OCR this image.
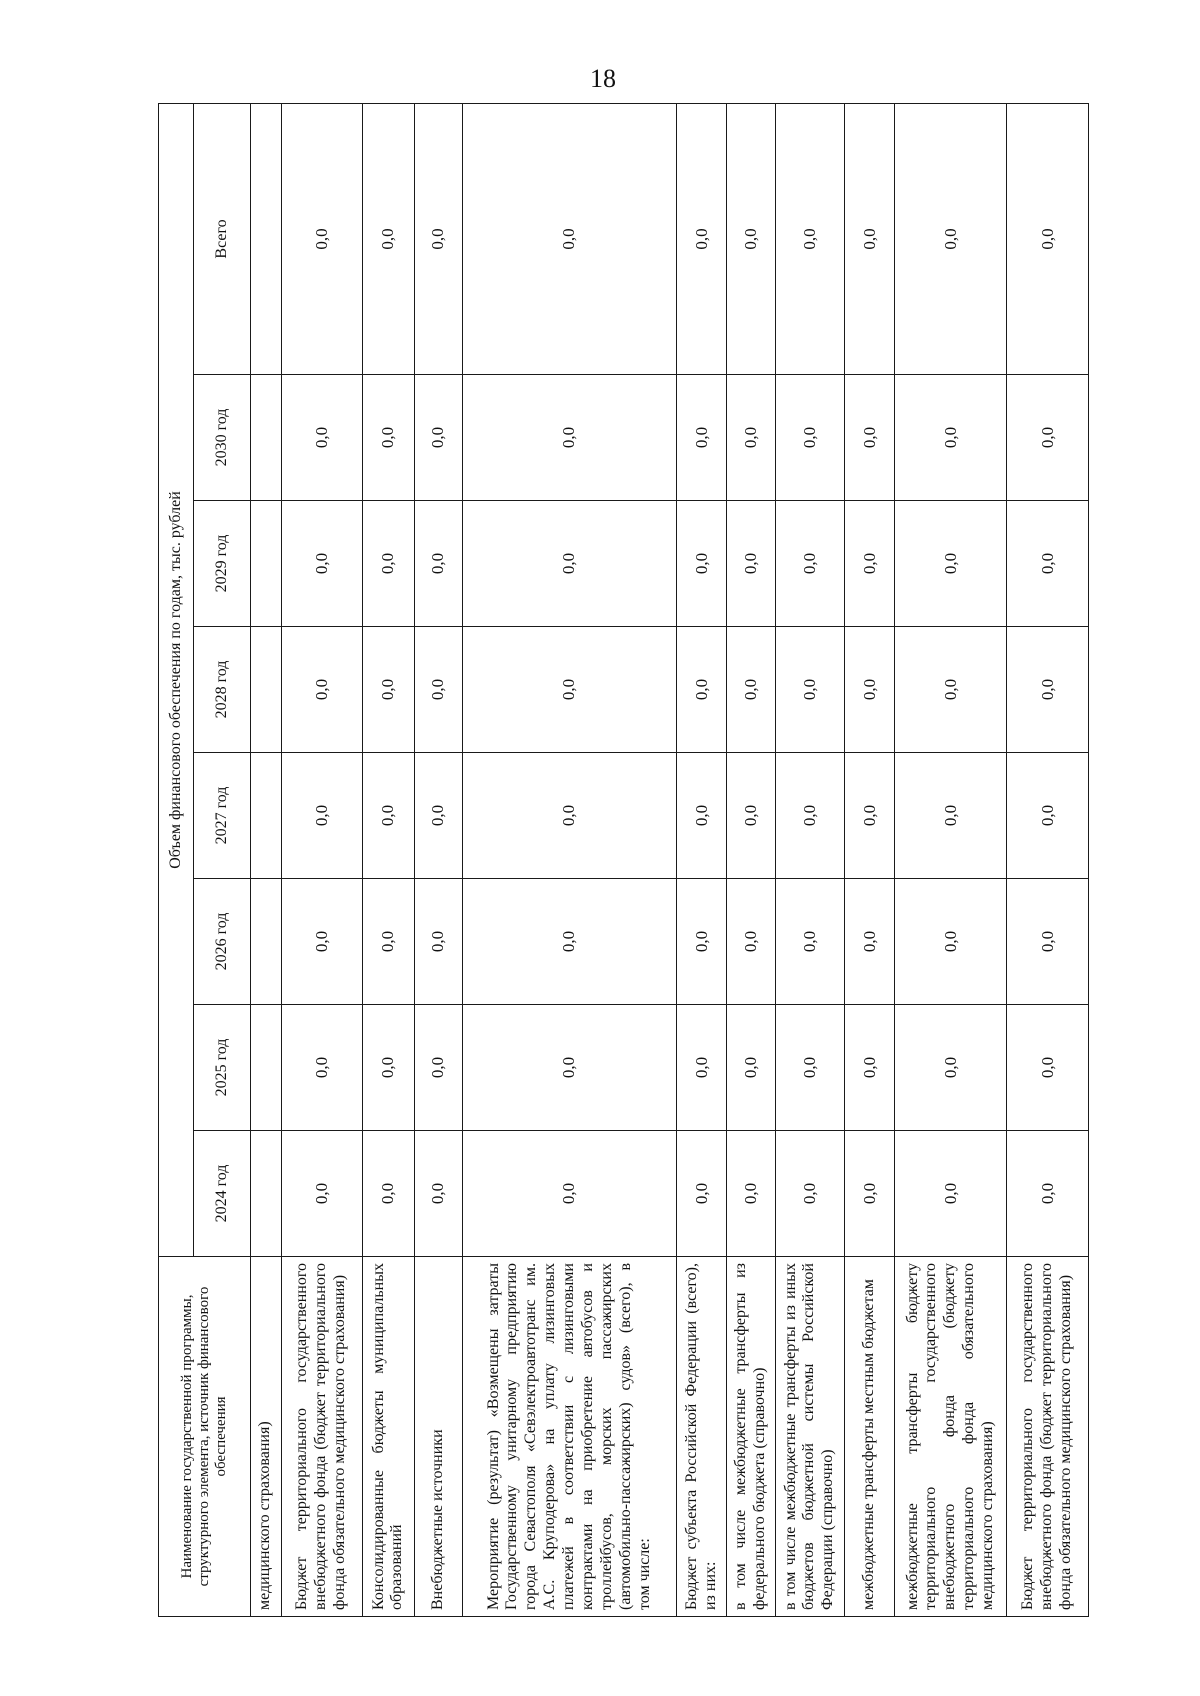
18
Наименование государственной программы, структурного элемента, источник финансового обеспечения	Объем финансового обеспечения по годам, тыс. рублей							
	2024 год	2025 год	2026 год	2027 год	2028 год	2029 год	2030 год	Всего
медицинского страхования)								
Бюджет территориального государственного внебюджетного фонда (бюджет территориального фонда обязательного медицинского страхования)	0,0	0,0	0,0	0,0	0,0	0,0	0,0	0,0
Консолидированные бюджеты муниципальных образований	0,0	0,0	0,0	0,0	0,0	0,0	0,0	0,0
Внебюджетные источники	0,0	0,0	0,0	0,0	0,0	0,0	0,0	0,0
Мероприятие (результат) «Возмещены затраты Государственному унитарному предприятию города Севастополя «Севэлектроавтотранс им. А.С. Круподерова» на уплату лизинговых платежей в соответствии с лизинговыми контрактами на приобретение автобусов и троллейбусов, морских пассажирских (автомобильно-пассажирских) судов» (всего), в том числе:	0,0	0,0	0,0	0,0	0,0	0,0	0,0	0,0
Бюджет субъекта Российской Федерации (всего), из них:	0,0	0,0	0,0	0,0	0,0	0,0	0,0	0,0
в том числе межбюджетные трансферты из федерального бюджета (справочно)	0,0	0,0	0,0	0,0	0,0	0,0	0,0	0,0
в том числе межбюджетные трансферты из иных бюджетов бюджетной системы Российской Федерации (справочно)	0,0	0,0	0,0	0,0	0,0	0,0	0,0	0,0
межбюджетные трансферты местным бюджетам	0,0	0,0	0,0	0,0	0,0	0,0	0,0	0,0
межбюджетные трансферты бюджету территориального государственного внебюджетного фонда (бюджету территориального фонда обязательного медицинского страхования)	0,0	0,0	0,0	0,0	0,0	0,0	0,0	0,0
Бюджет территориального государственного внебюджетного фонда (бюджет территориального фонда обязательного медицинского страхования)	0,0	0,0	0,0	0,0	0,0	0,0	0,0	0,0
